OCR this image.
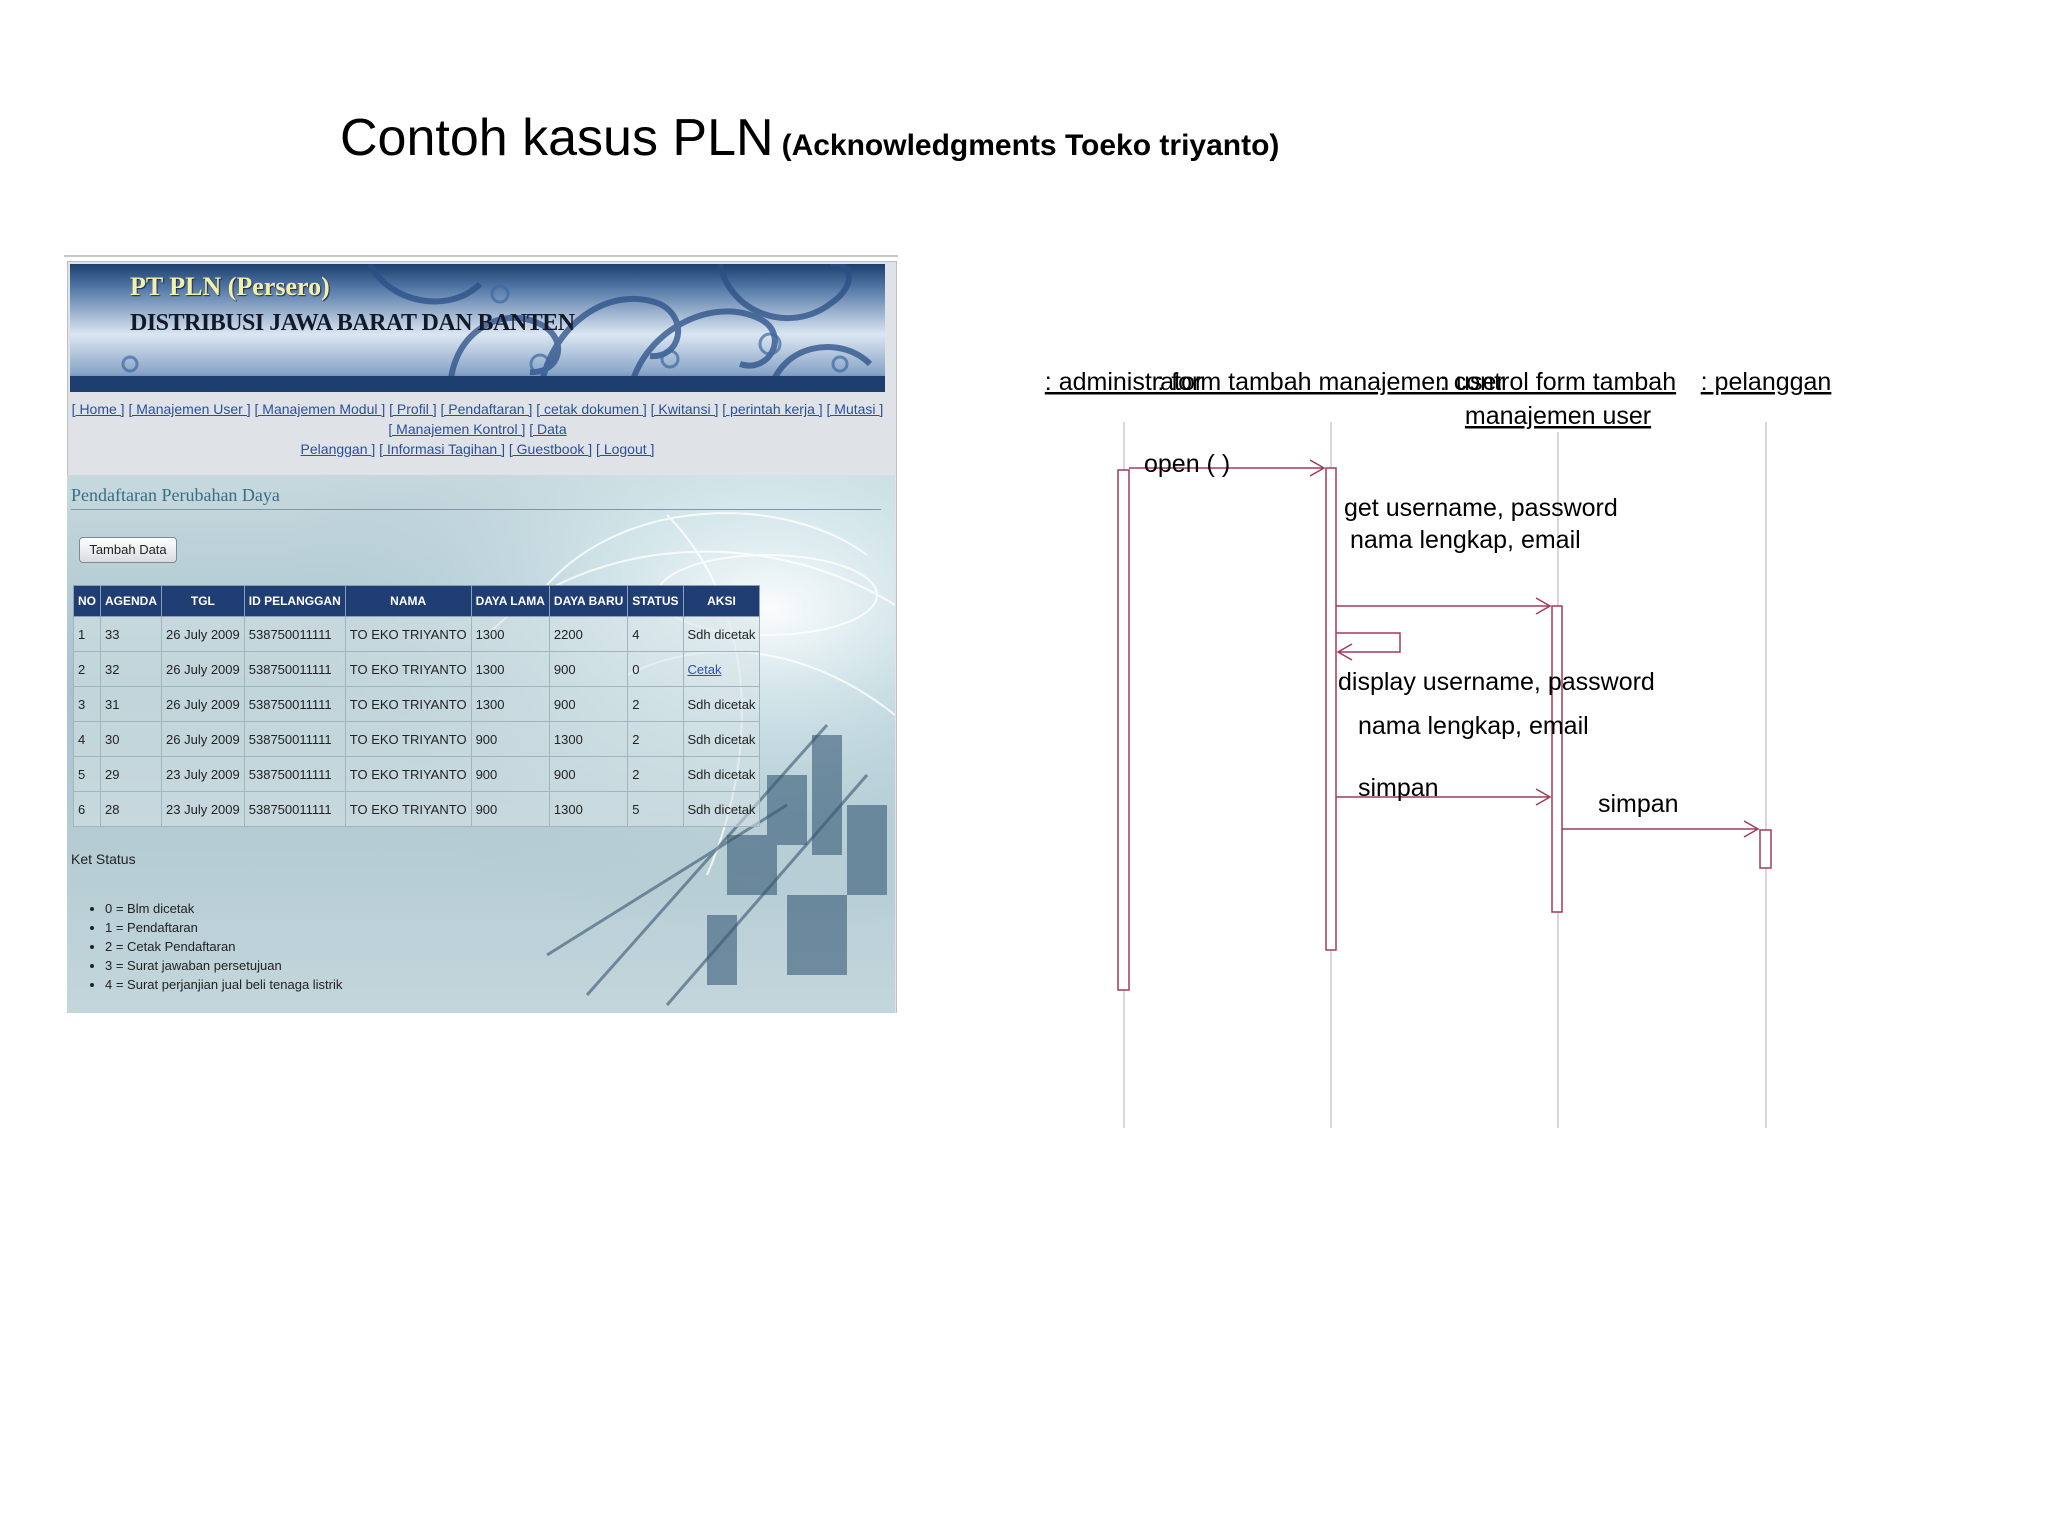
Contoh kasus PLN (Acknowledgments Toeko triyanto)
PT PLN (Persero)
DISTRIBUSI JAWA BARAT DAN BANTEN
[ Home ] [ Manajemen User ] [ Manajemen Modul ] [ Profil ] [ Pendaftaran ] [ cetak dokumen ] [ Kwitansi ] [ perintah kerja ] [ Mutasi ] [ Manajemen Kontrol ] [ Data
Pelanggan ] [ Informasi Tagihan ] [ Guestbook ] [ Logout ]
Pendaftaran Perubahan Daya
Tambah Data
NO	AGENDA	TGL	ID PELANGGAN	NAMA	DAYA LAMA	DAYA BARU	STATUS	AKSI
1	33	26 July 2009	538750011111	TO EKO TRIYANTO	1300	2200	4	Sdh dicetak
2	32	26 July 2009	538750011111	TO EKO TRIYANTO	1300	900	0	Cetak
3	31	26 July 2009	538750011111	TO EKO TRIYANTO	1300	900	2	Sdh dicetak
4	30	26 July 2009	538750011111	TO EKO TRIYANTO	900	1300	2	Sdh dicetak
5	29	23 July 2009	538750011111	TO EKO TRIYANTO	900	900	2	Sdh dicetak
6	28	23 July 2009	538750011111	TO EKO TRIYANTO	900	1300	5	Sdh dicetak
Ket Status
• 0 = Blm dicetak
• 1 = Pendaftaran
• 2 = Cetak Pendaftaran
• 3 = Surat jawaban persetujuan
• 4 = Surat perjanjian jual beli tenaga listrik
: administrator
: form tambah manajemen user
: control form tambah
manajemen user
: pelanggan
open ( )
get username, password
nama lengkap, email
display username, password
nama lengkap, email
simpan
simpan
